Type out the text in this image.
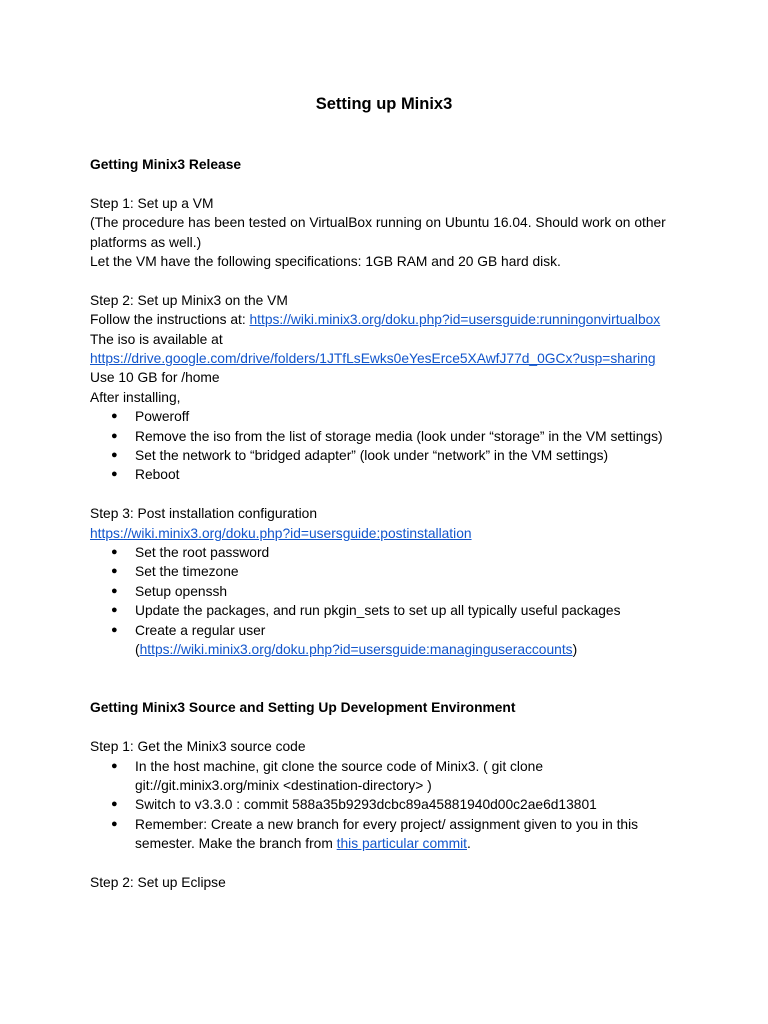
Setting up Minix3
Getting Minix3 Release
Step 1: Set up a VM
(The procedure has been tested on VirtualBox running on Ubuntu 16.04. Should work on other
platforms as well.)
Let the VM have the following specifications: 1GB RAM and 20 GB hard disk.
Step 2: Set up Minix3 on the VM
Follow the instructions at: https://wiki.minix3.org/doku.php?id=usersguide:runningonvirtualbox
The iso is available at
https://drive.google.com/drive/folders/1JTfLsEwks0eYesErce5XAwfJ77d_0GCx?usp=sharing
Use 10 GB for /home
After installing,
● Poweroff
● Remove the iso from the list of storage media (look under “storage” in the VM settings)
● Set the network to “bridged adapter” (look under “network” in the VM settings)
● Reboot
Step 3: Post installation configuration
https://wiki.minix3.org/doku.php?id=usersguide:postinstallation
● Set the root password
● Set the timezone
● Setup openssh
● Update the packages, and run pkgin_sets to set up all typically useful packages
● Create a regular user
(https://wiki.minix3.org/doku.php?id=usersguide:managinguseraccounts)
Getting Minix3 Source and Setting Up Development Environment
Step 1: Get the Minix3 source code
● In the host machine, git clone the source code of Minix3. ( git clone
git://git.minix3.org/minix <destination-directory> )
● Switch to v3.3.0 : commit 588a35b9293dcbc89a45881940d00c2ae6d13801
● Remember: Create a new branch for every project/ assignment given to you in this
semester. Make the branch from this particular commit.
Step 2: Set up Eclipse
